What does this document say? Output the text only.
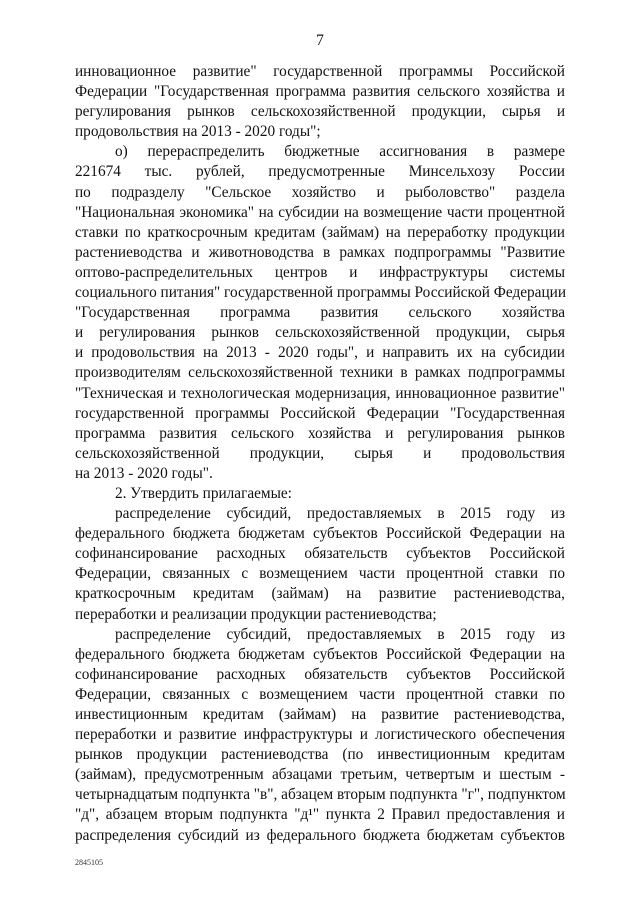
7
инновационное развитие" государственной программы Российской
Федерации "Государственная программа развития сельского хозяйства и
регулирования рынков сельскохозяйственной продукции, сырья и
продовольствия на 2013 - 2020 годы";
о) перераспределить бюджетные ассигнования в размере
221674 тыс. рублей, предусмотренные Минсельхозу России
по подразделу "Сельское хозяйство и рыболовство" раздела
"Национальная экономика" на субсидии на возмещение части процентной
ставки по краткосрочным кредитам (займам) на переработку продукции
растениеводства и животноводства в рамках подпрограммы "Развитие
оптово-распределительных центров и инфраструктуры системы
социального питания" государственной программы Российской Федерации
"Государственная программа развития сельского хозяйства
и регулирования рынков сельскохозяйственной продукции, сырья
и продовольствия на 2013 - 2020 годы", и направить их на субсидии
производителям сельскохозяйственной техники в рамках подпрограммы
"Техническая и технологическая модернизация, инновационное развитие"
государственной программы Российской Федерации "Государственная
программа развития сельского хозяйства и регулирования рынков
сельскохозяйственной продукции, сырья и продовольствия
на 2013 - 2020 годы".
2. Утвердить прилагаемые:
распределение субсидий, предоставляемых в 2015 году из
федерального бюджета бюджетам субъектов Российской Федерации на
софинансирование расходных обязательств субъектов Российской
Федерации, связанных с возмещением части процентной ставки по
краткосрочным кредитам (займам) на развитие растениеводства,
переработки и реализации продукции растениеводства;
распределение субсидий, предоставляемых в 2015 году из
федерального бюджета бюджетам субъектов Российской Федерации на
софинансирование расходных обязательств субъектов Российской
Федерации, связанных с возмещением части процентной ставки по
инвестиционным кредитам (займам) на развитие растениеводства,
переработки и развитие инфраструктуры и логистического обеспечения
рынков продукции растениеводства (по инвестиционным кредитам
(займам), предусмотренным абзацами третьим, четвертым и шестым -
четырнадцатым подпункта "в", абзацем вторым подпункта "г", подпунктом
"д", абзацем вторым подпункта "д¹" пункта 2 Правил предоставления и
распределения субсидий из федерального бюджета бюджетам субъектов
2845105
